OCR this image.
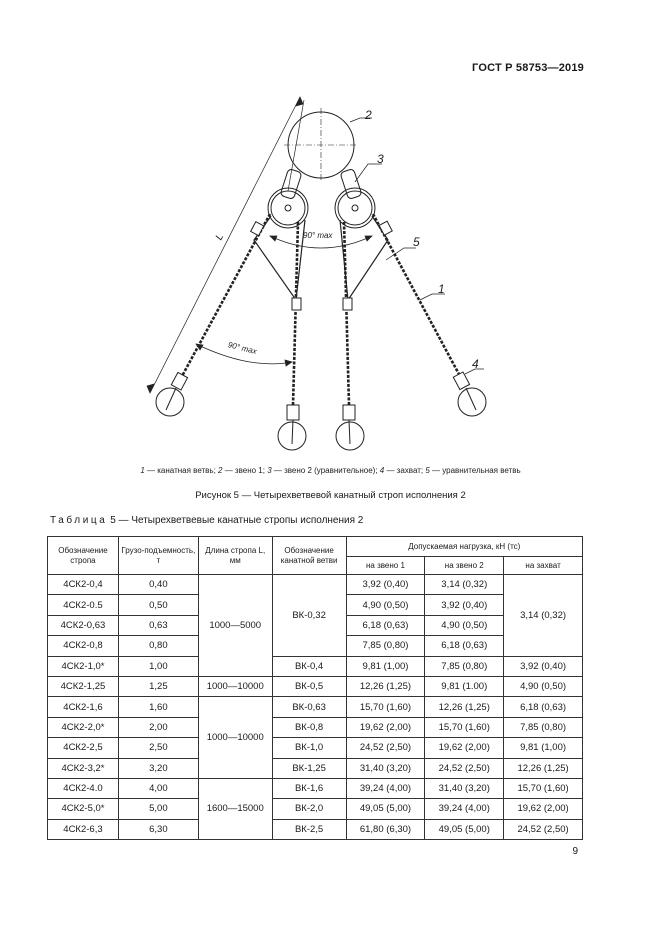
ГОСТ Р 58753—2019
2
3
5
1
4
L	90° max
90° max
1 — канатная ветвь; 2 — звено 1; 3 — звено 2 (уравнительное); 4 — захват; 5 — уравнительная ветвь
Рисунок 5 — Четырехветвевой канатный строп исполнения 2
Таблица 5 — Четырехветвевые канатные стропы исполнения 2
Обозначение стропа	Грузо-подъемность, т	Длина стропа L, мм	Обозначение канатной ветви	Допускаемая нагрузка, кН (тс)		
				на звено 1	на звено 2	на захват
4СК2-0,4	0,40	1000—5000	ВК-0,32	3,92 (0,40)	3,14 (0,32)	3,14 (0,32)
4СК2-0.5	0,50			4,90 (0,50)	3,92 (0,40)	
4СК2-0,63	0,63			6,18 (0,63)	4,90 (0,50)	
4СК2-0,8	0,80			7,85 (0,80)	6,18 (0,63)	
4СК2-1,0*	1,00		ВК-0,4	9,81 (1,00)	7,85 (0,80)	3,92 (0,40)
4СК2-1,25	1,25	1000—10000	ВК-0,5	12,26 (1,25)	9,81 (1.00)	4,90 (0,50)
4СК2-1,6	1,60	1000—10000	ВК-0,63	15,70 (1,60)	12,26 (1,25)	6,18 (0,63)
4СК2-2,0*	2,00		ВК-0,8	19,62 (2,00)	15,70 (1,60)	7,85 (0,80)
4СК2-2,5	2,50		ВК-1,0	24,52 (2,50)	19,62 (2,00)	9,81 (1,00)
4СК2-3,2*	3,20		ВК-1,25	31,40 (3,20)	24,52 (2,50)	12,26 (1,25)
4СК2-4.0	4,00	1600—15000	ВК-1,6	39,24 (4,00)	31,40 (3,20)	15,70 (1,60)
4СК2-5,0*	5,00		ВК-2,0	49,05 (5,00)	39,24 (4,00)	19,62 (2,00)
4СК2-6,3	6,30		ВК-2,5	61,80 (6,30)	49,05 (5,00)	24,52 (2,50)
9
